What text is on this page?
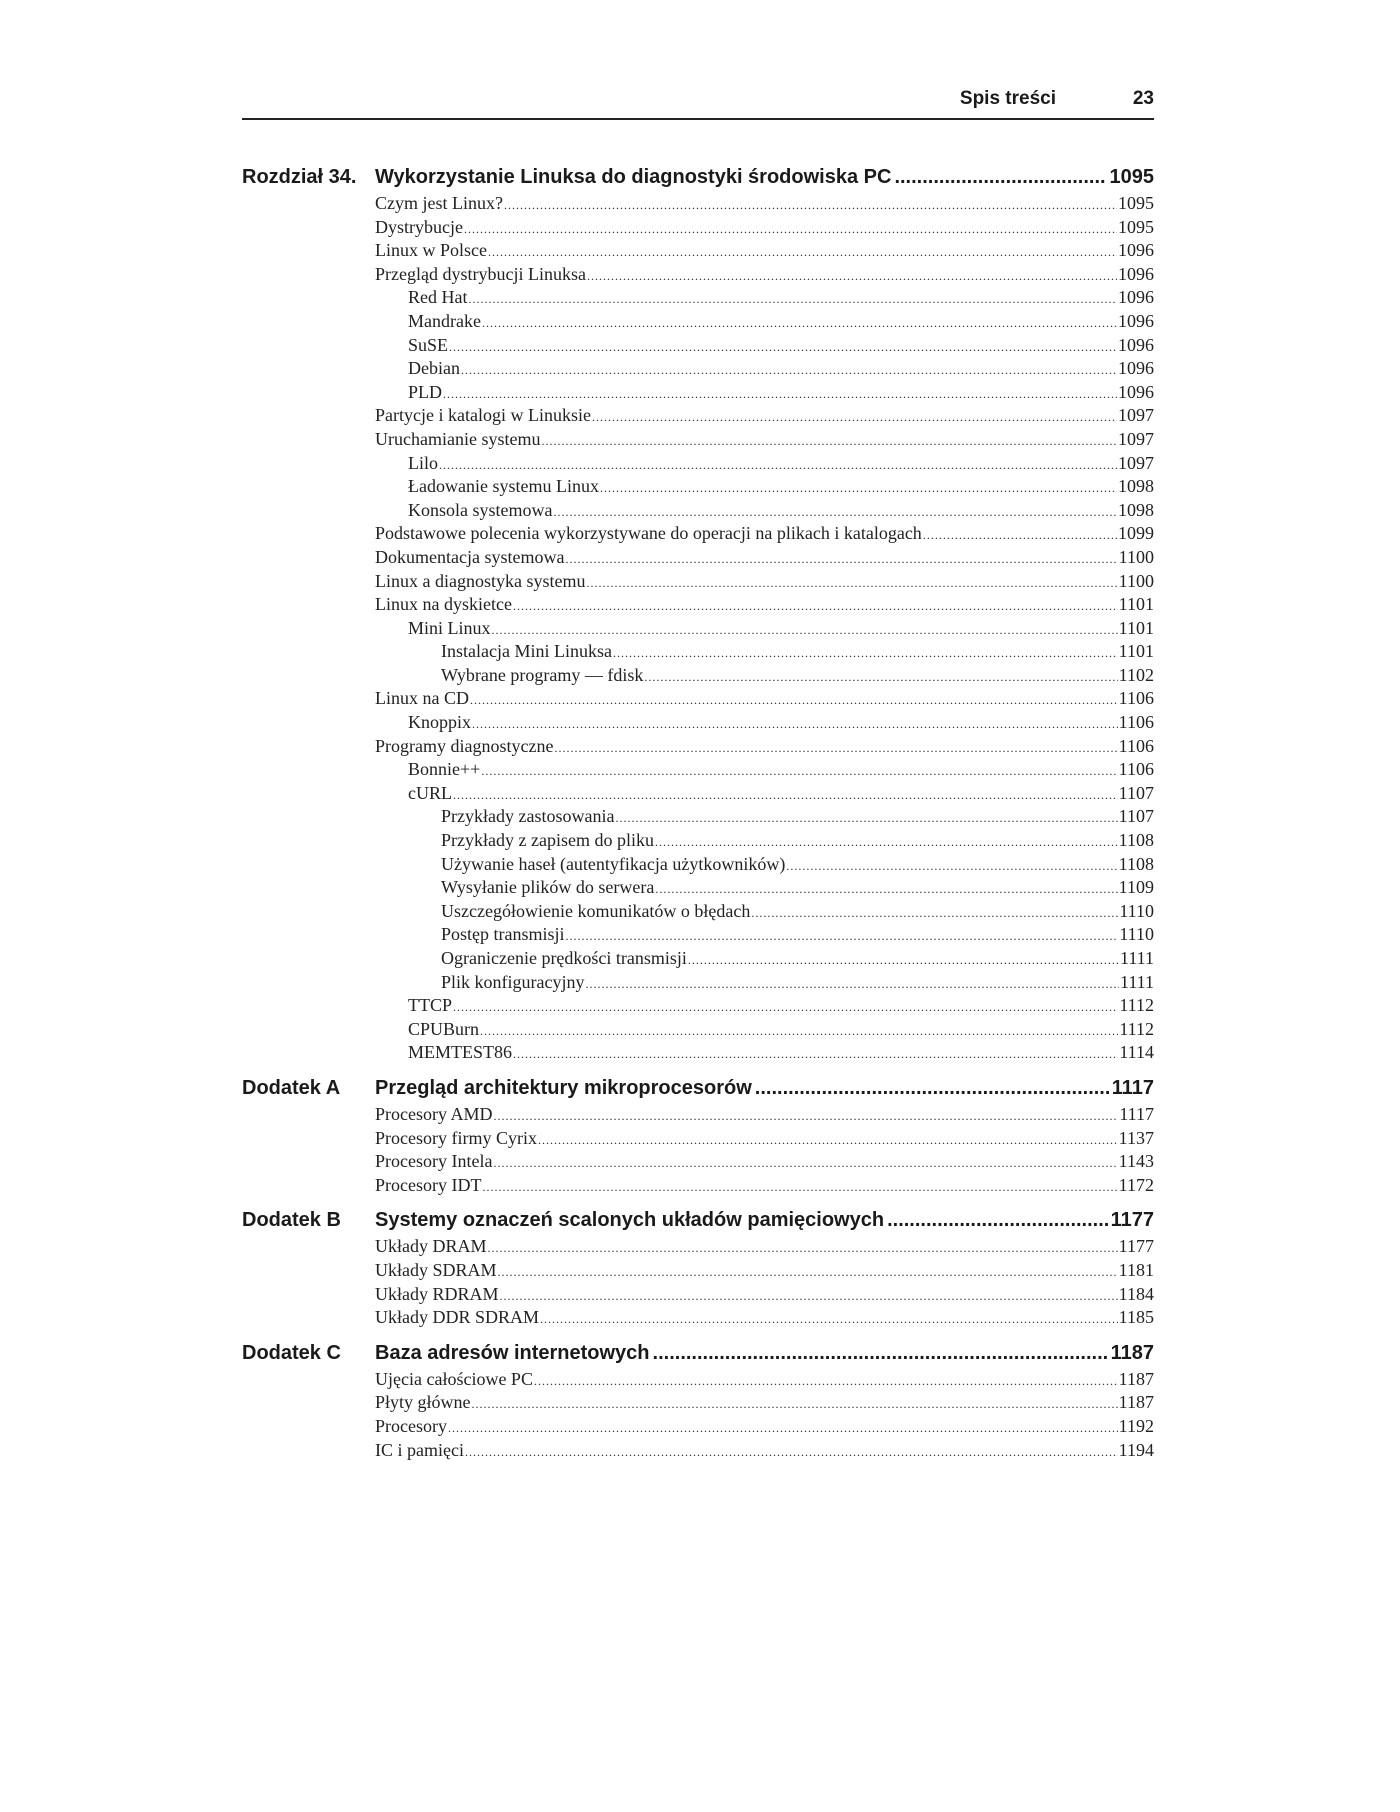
Spis treści	23
Rozdział 34. Wykorzystanie Linuksa do diagnostyki środowiska PC .....	1095
Czym jest Linux? .....	1095
Dystrybucje .....	1095
Linux w Polsce .....	1096
Przegląd dystrybucji Linuksa .....	1096
Red Hat .....	1096
Mandrake .....	1096
SuSE .....	1096
Debian .....	1096
PLD .....	1096
Partycje i katalogi w Linuksie .....	1097
Uruchamianie systemu .....	1097
Lilo .....	1097
Ładowanie systemu Linux .....	1098
Konsola systemowa .....	1098
Podstawowe polecenia wykorzystywane do operacji na plikach i katalogach .....	1099
Dokumentacja systemowa .....	1100
Linux a diagnostyka systemu .....	1100
Linux na dyskietce .....	1101
Mini Linux .....	1101
Instalacja Mini Linuksa .....	1101
Wybrane programy — fdisk .....	1102
Linux na CD .....	1106
Knoppix .....	1106
Programy diagnostyczne .....	1106
Bonnie++ .....	1106
cURL .....	1107
Przykłady zastosowania .....	1107
Przykłady z zapisem do pliku .....	1108
Używanie haseł (autentyfikacja użytkowników) .....	1108
Wysyłanie plików do serwera .....	1109
Uszczegółowienie komunikatów o błędach .....	1110
Postęp transmisji .....	1110
Ograniczenie prędkości transmisji .....	1111
Plik konfiguracyjny .....	1111
TTCP .....	1112
CPUBurn .....	1112
MEMTEST86 .....	1114
Dodatek A Przegląd architektury mikroprocesorów .....	1117
Procesory AMD .....	1117
Procesory firmy Cyrix .....	1137
Procesory Intela .....	1143
Procesory IDT .....	1172
Dodatek B Systemy oznaczeń scalonych układów pamięciowych .....	1177
Układy DRAM .....	1177
Układy SDRAM .....	1181
Układy RDRAM .....	1184
Układy DDR SDRAM .....	1185
Dodatek C Baza adresów internetowych .....	1187
Ujęcia całościowe PC .....	1187
Płyty główne .....	1187
Procesory .....	1192
IC i pamięci .....	1194
